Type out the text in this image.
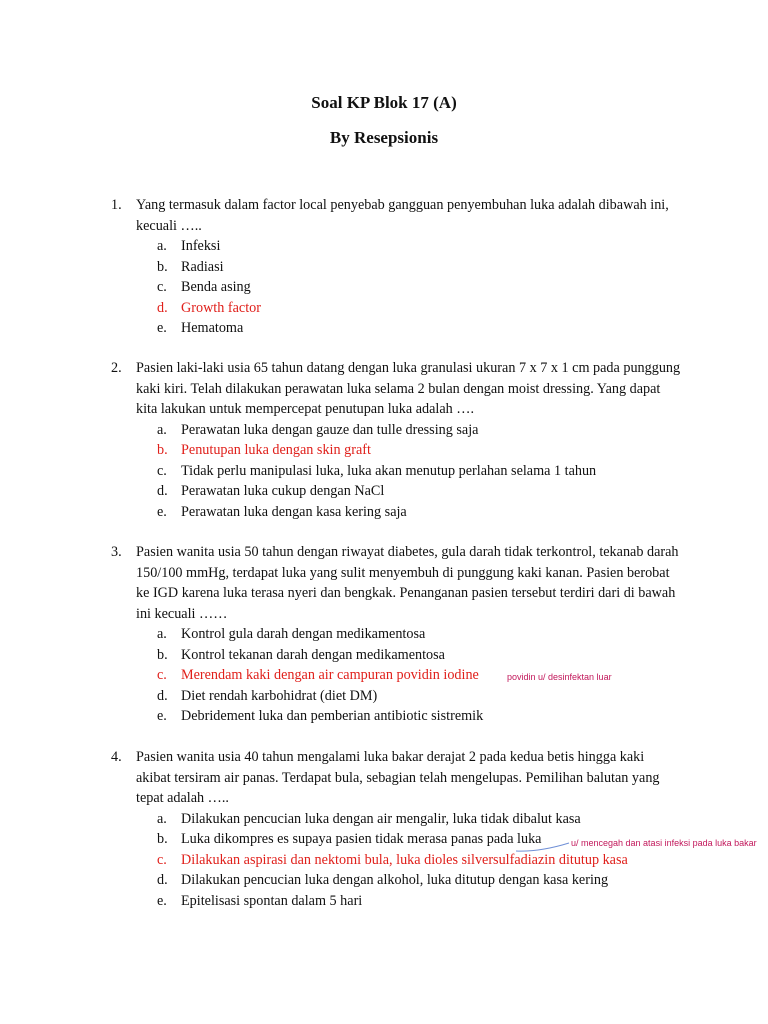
Soal KP Blok 17 (A)
By Resepsionis
1. Yang termasuk dalam factor local penyebab gangguan penyembuhan luka adalah dibawah ini, kecuali …..

a. Infeksi
b. Radiasi
c. Benda asing
d. Growth factor
e. Hematoma
2. Pasien laki-laki usia 65 tahun datang dengan luka granulasi ukuran 7 x 7 x 1 cm pada punggung kaki kiri. Telah dilakukan perawatan luka selama 2 bulan dengan moist dressing. Yang dapat kita lakukan untuk mempercepat penutupan luka adalah ….

a. Perawatan luka dengan gauze dan tulle dressing saja
b. Penutupan luka dengan skin graft
c. Tidak perlu manipulasi luka, luka akan menutup perlahan selama 1 tahun
d. Perawatan luka cukup dengan NaCl
e. Perawatan luka dengan kasa kering saja
3. Pasien wanita usia 50 tahun dengan riwayat diabetes, gula darah tidak terkontrol, tekanab darah 150/100 mmHg, terdapat luka yang sulit menyembuh di punggung kaki kanan. Pasien berobat ke IGD karena luka terasa nyeri dan bengkak. Penanganan pasien tersebut terdiri dari di bawah ini kecuali ……

a. Kontrol gula darah dengan medikamentosa
b. Kontrol tekanan darah dengan medikamentosa
c. Merendam kaki dengan air campuran povidin iodine
d. Diet rendah karbohidrat (diet DM)
e. Debridement luka dan pemberian antibiotic sistremik
4. Pasien wanita usia 40 tahun mengalami luka bakar derajat 2 pada kedua betis hingga kaki akibat tersiram air panas. Terdapat bula, sebagian telah mengelupas. Pemilihan balutan yang tepat adalah …..

a. Dilakukan pencucian luka dengan air mengalir, luka tidak dibalut kasa
b. Luka dikompres es supaya pasien tidak merasa panas pada luka
c. Dilakukan aspirasi dan nektomi bula, luka dioles silversulfadiazin ditutup kasa
d. Dilakukan pencucian luka dengan alkohol, luka ditutup dengan kasa kering
e. Epitelisasi spontan dalam 5 hari
povidin u/ desinfektan luar
u/ mencegah dan atasi infeksi pada luka bakar
